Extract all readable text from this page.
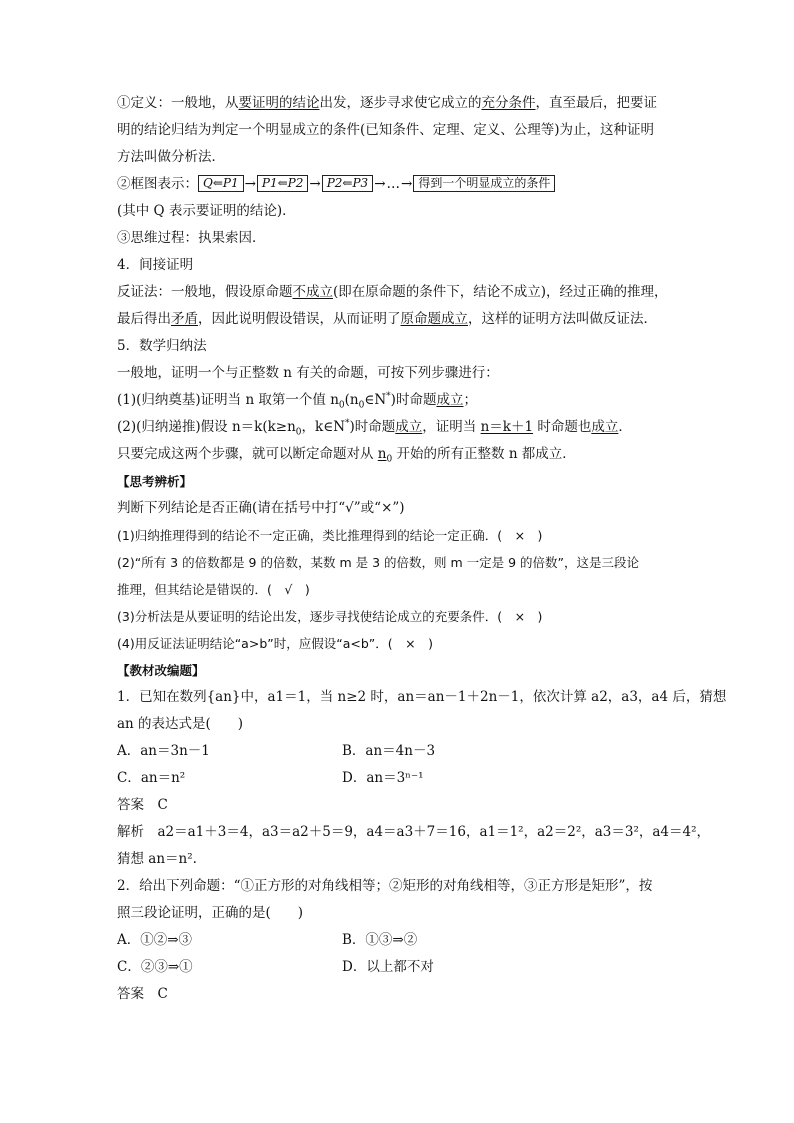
①定义：一般地，从要证明的结论出发，逐步寻求使它成立的充分条件，直至最后，把要证
明的结论归结为判定一个明显成立的条件(已知条件、定理、定义、公理等)为止，这种证明
方法叫做分析法．
②框图表示： Q⇐P1 → P1⇐P2 → P2⇐P3 →…→ 得到一个明显成立的条件
(其中 Q 表示要证明的结论)．
③思维过程：执果索因．
4．间接证明
反证法：一般地，假设原命题不成立(即在原命题的条件下，结论不成立)，经过正确的推理，
最后得出矛盾，因此说明假设错误，从而证明了原命题成立，这样的证明方法叫做反证法．
5．数学归纳法
一般地，证明一个与正整数 n 有关的命题，可按下列步骤进行：
(1)(归纳奠基)证明当 n 取第一个值 $n_0(n_0\in N^*)$时命题成立；
(2)(归纳递推)假设 $n=k(k\ge n_0$，k∈N*)时命题成立，证明当 n＝k＋1 时命题也成立．
只要完成这两个步骤，就可以断定命题对从 $n_0$ 开始的所有正整数 n 都成立．
【思考辨析】
判断下列结论是否正确(请在括号中打“√”或“×”)
(1)归纳推理得到的结论不一定正确，类比推理得到的结论一定正确．(　×　)
(2)“所有 3 的倍数都是 9 的倍数，某数 m 是 3 的倍数，则 m 一定是 9 的倍数”，这是三段论
推理，但其结论是错误的．(　√　)
(3)分析法是从要证明的结论出发，逐步寻找使结论成立的充要条件．(　×　)
(4)用反证法证明结论“a>b”时，应假设“a<b”．(　×　)
【教材改编题】
1．已知在数列{an}中，a1＝1，当 n≥2 时，an＝an－1＋2n－1，依次计算 a2，a3，a4 后，猜想
an 的表达式是(　　)
A．an＝3n－1	B．an＝4n－3
C．an＝n²	D．an＝3ⁿ⁻¹
答案　C
解析　a2＝a1＋3＝4，a3＝a2＋5＝9，a4＝a3＋7＝16，a1＝1²，a2＝2²，a3＝3²，a4＝4²，
猜想 an＝n².
2．给出下列命题：“①正方形的对角线相等；②矩形的对角线相等，③正方形是矩形”，按
照三段论证明，正确的是(　　)
A．①②⇒③	B．①③⇒②
C．②③⇒①	D．以上都不对
答案　C
